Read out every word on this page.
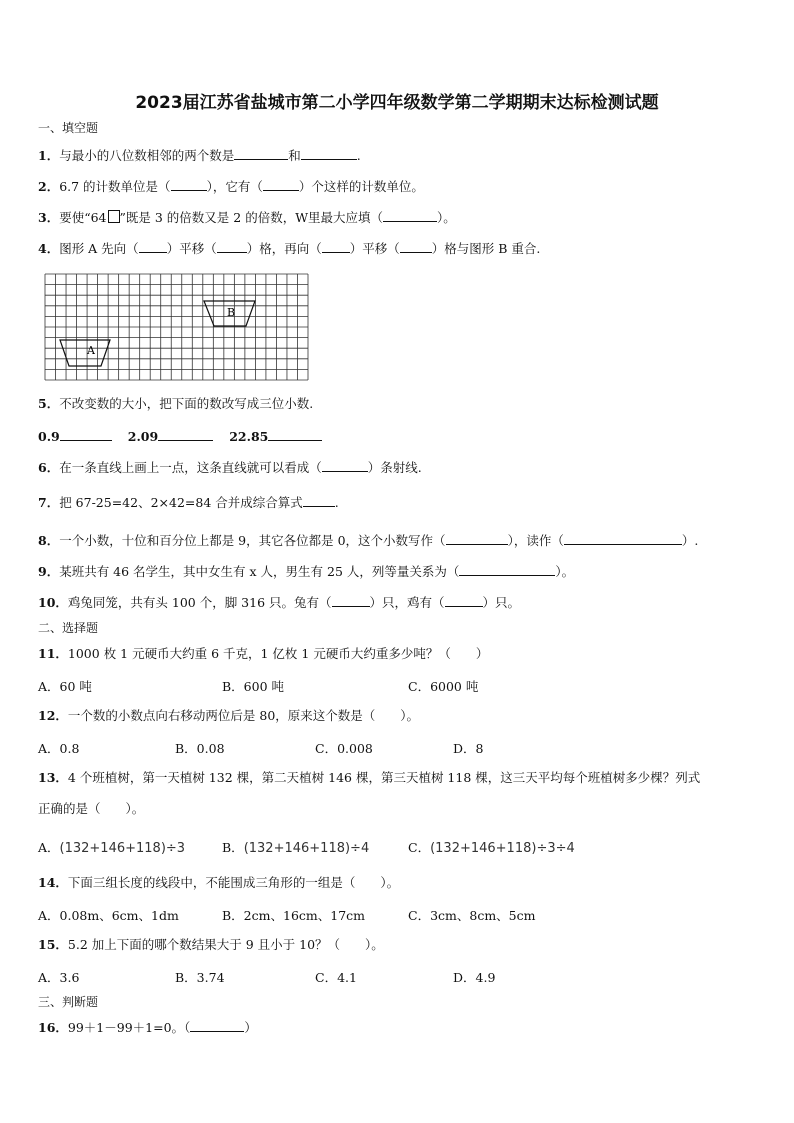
2023届江苏省盐城市第二小学四年级数学第二学期期末达标检测试题
一、填空题
1．与最小的八位数相邻的两个数是	和	.
2．6.7 的计数单位是（	），它有（	）个这样的计数单位。
3．要使“64 ”既是 3 的倍数又是 2 的倍数，W里最大应填（	）。
4．图形 A 先向（ ）平移（ ）格，再向（ ）平移（	）格与图形 B 重合.
B
A
5．不改变数的大小，把下面的数改写成三位小数.
0.9	2.09	22.85
6．在一条直线上画上一点，这条直线就可以看成（	）条射线.
7．把 67-25=42、2×42=84 合并成综合算式	.
8．一个小数，十位和百分位上都是 9，其它各位都是 0，这个小数写作（	），读作（	）.
9．某班共有 46 名学生，其中女生有 x 人，男生有 25 人，列等量关系为（	）。
10．鸡兔同笼，共有头 100 个，脚 316 只。兔有（	）只，鸡有（	）只。
二、选择题
11．1000 枚 1 元硬币大约重 6 千克，1 亿枚 1 元硬币大约重多少吨？（　　）
A．60 吨	B．600 吨	C．6000 吨
12．一个数的小数点向右移动两位后是 80，原来这个数是（　　）。
A．0.8	B．0.08	C．0.008	D．8
13．4 个班植树，第一天植树 132 棵，第二天植树 146 棵，第三天植树 118 棵，这三天平均每个班植树多少棵？列式
正确的是（　　）。
A．(132+146+118)÷3	B．(132+146+118)÷4	C．(132+146+118)÷3÷4
14．下面三组长度的线段中，不能围成三角形的一组是（　　）。
A．0.08m、6cm、1dm	B．2cm、16cm、17cm	C．3cm、8cm、5cm
15．5.2 加上下面的哪个数结果大于 9 且小于 10？（　　）。
A．3.6	B．3.74	C．4.1	D．4.9
三、判断题
16．99＋1－99＋1=0。（	）
